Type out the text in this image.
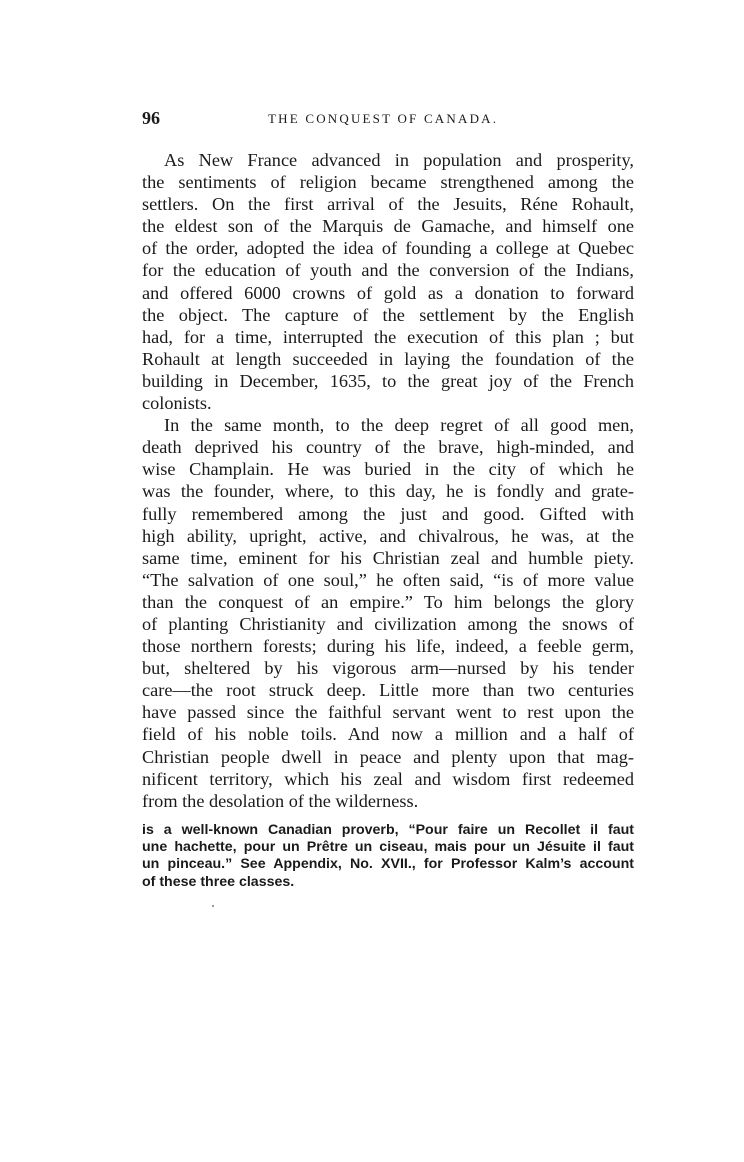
96	THE CONQUEST OF CANADA.
As New France advanced in population and prosperity,
the sentiments of religion became strengthened among the
settlers. On the first arrival of the Jesuits, Réne Rohault,
the eldest son of the Marquis de Gamache, and himself one
of the order, adopted the idea of founding a college at Quebec
for the education of youth and the conversion of the Indians,
and offered 6000 crowns of gold as a donation to forward
the object. The capture of the settlement by the English
had, for a time, interrupted the execution of this plan ; but
Rohault at length succeeded in laying the foundation of the
building in December, 1635, to the great joy of the French
colonists.
In the same month, to the deep regret of all good men,
death deprived his country of the brave, high-minded, and
wise Champlain. He was buried in the city of which he
was the founder, where, to this day, he is fondly and grate-
fully remembered among the just and good. Gifted with
high ability, upright, active, and chivalrous, he was, at the
same time, eminent for his Christian zeal and humble piety.
“The salvation of one soul,” he often said, “is of more value
than the conquest of an empire.” To him belongs the glory
of planting Christianity and civilization among the snows of
those northern forests; during his life, indeed, a feeble germ,
but, sheltered by his vigorous arm—nursed by his tender
care—the root struck deep. Little more than two centuries
have passed since the faithful servant went to rest upon the
field of his noble toils. And now a million and a half of
Christian people dwell in peace and plenty upon that mag-
nificent territory, which his zeal and wisdom first redeemed
from the desolation of the wilderness.
is a well-known Canadian proverb, “Pour faire un Recollet il faut
une hachette, pour un Prêtre un ciseau, mais pour un Jésuite il faut
un pinceau.” See Appendix, No. XVII., for Professor Kalm’s account
of these three classes.
